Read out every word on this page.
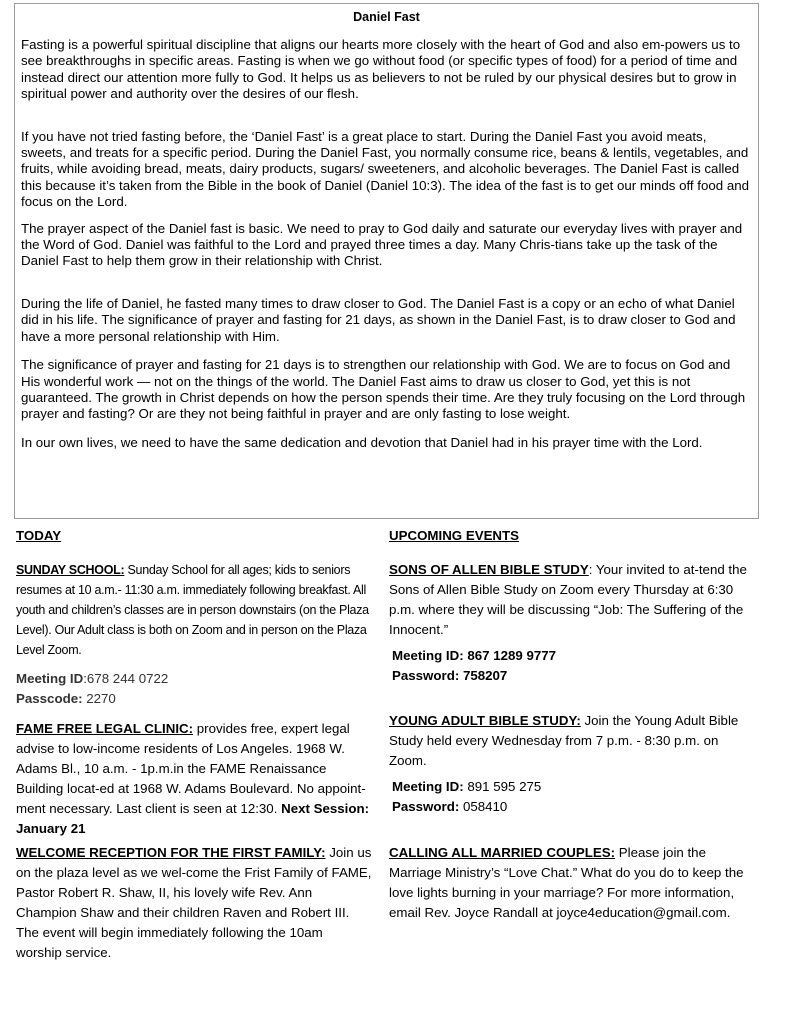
Daniel Fast

Fasting is a powerful spiritual discipline that aligns our hearts more closely with the heart of God and also em-powers us to see breakthroughs in specific areas. Fasting is when we go without food (or specific types of food) for a period of time and instead direct our attention more fully to God. It helps us as believers to not be ruled by our physical desires but to grow in spiritual power and authority over the desires of our flesh.

If you have not tried fasting before, the ‘Daniel Fast’ is a great place to start. During the Daniel Fast you avoid meats, sweets, and treats for a specific period. During the Daniel Fast, you normally consume rice, beans & lentils, vegetables, and fruits, while avoiding bread, meats, dairy products, sugars/ sweeteners, and alcoholic beverages. The Daniel Fast is called this because it’s taken from the Bible in the book of Daniel (Daniel 10:3). The idea of the fast is to get our minds off food and focus on the Lord.

The prayer aspect of the Daniel fast is basic. We need to pray to God daily and saturate our everyday lives with prayer and the Word of God. Daniel was faithful to the Lord and prayed three times a day. Many Chris-tians take up the task of the Daniel Fast to help them grow in their relationship with Christ.

During the life of Daniel, he fasted many times to draw closer to God. The Daniel Fast is a copy or an echo of what Daniel did in his life. The significance of prayer and fasting for 21 days, as shown in the Daniel Fast, is to draw closer to God and have a more personal relationship with Him.

The significance of prayer and fasting for 21 days is to strengthen our relationship with God. We are to focus on God and His wonderful work — not on the things of the world. The Daniel Fast aims to draw us closer to God, yet this is not guaranteed. The growth in Christ depends on how the person spends their time. Are they truly focusing on the Lord through prayer and fasting? Or are they not being faithful in prayer and are only fasting to lose weight.

In our own lives, we need to have the same dedication and devotion that Daniel had in his prayer time with the Lord.

TODAY

SUNDAY SCHOOL: Sunday School for all ages; kids to seniors resumes at 10 a.m.- 11:30 a.m. immediately following breakfast. All youth and children’s classes are in person downstairs (on the Plaza Level). Our Adult class is both on Zoom and in person on the Plaza Level Zoom.

Meeting ID:678 244 0722

Passcode: 2270

FAME FREE LEGAL CLINIC: provides free, expert legal advise to low-income residents of Los Angeles. 1968 W. Adams Bl., 10 a.m. - 1p.m.in the FAME Renaissance Building locat-ed at 1968 W. Adams Boulevard. No appoint-ment necessary. Last client is seen at 12:30. Next Session: January 21

WELCOME RECEPTION FOR THE FIRST FAMILY: Join us on the plaza level as we wel-come the Frist Family of FAME, Pastor Robert R. Shaw, II, his lovely wife Rev. Ann Champion Shaw and their children Raven and Robert III. The event will begin immediately following the 10am worship service.

UPCOMING EVENTS

SONS OF ALLEN BIBLE STUDY: Your invited to at-tend the Sons of Allen Bible Study on Zoom every Thursday at 6:30 p.m. where they will be discussing “Job: The Suffering of the Innocent.”

Meeting ID: 867 1289 9777

Password: 758207

YOUNG ADULT BIBLE STUDY: Join the Young Adult Bible Study held every Wednesday from 7 p.m. - 8:30 p.m. on Zoom.

Meeting ID: 891 595 275

Password: 058410

CALLING ALL MARRIED COUPLES: Please join the Marriage Ministry’s “Love Chat.” What do you do to keep the love lights burning in your marriage? For more information, email Rev. Joyce Randall at joyce4education@gmail.com.
